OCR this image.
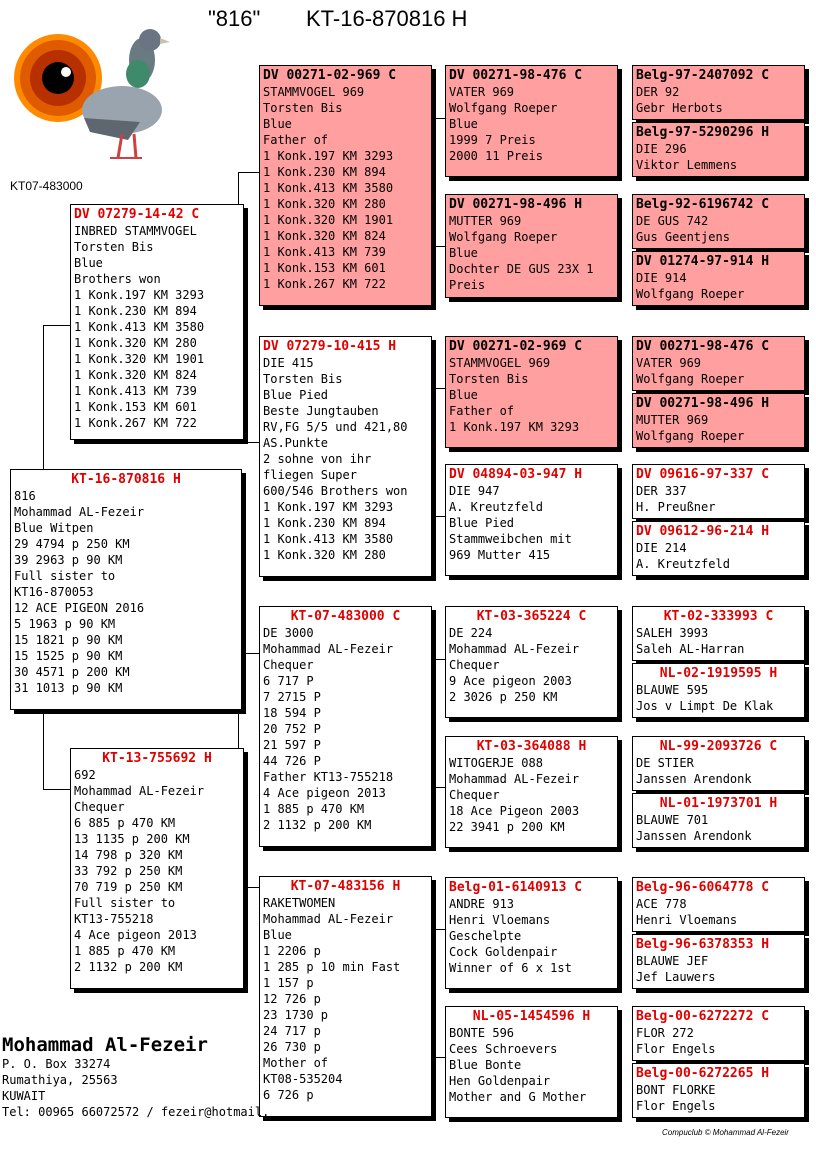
"816" KT-16-870816 H
KT07-483000
KT-16-870816 H
816
Mohammad AL-Fezeir
Blue Witpen
29 4794 p 250 KM
39 2963 p 90 KM
Full sister to
KT16-870053
12 ACE PIGEON 2016
5 1963 p 90 KM
15 1821 p 90 KM
15 1525 p 90 KM
30 4571 p 200 KM
31 1013 p 90 KM
DV 07279-14-42 C
INBRED STAMMVOGEL
Torsten Bis
Blue
Brothers won
1 Konk.197 KM 3293
1 Konk.230 KM 894
1 Konk.413 KM 3580
1 Konk.320 KM 280
1 Konk.320 KM 1901
1 Konk.320 KM 824
1 Konk.413 KM 739
1 Konk.153 KM 601
1 Konk.267 KM 722
KT-13-755692 H
692
Mohammad AL-Fezeir
Chequer
6 885 p 470 KM
13 1135 p 200 KM
14 798 p 320 KM
33 792 p 250 KM
70 719 p 250 KM
Full sister to
KT13-755218
4 Ace pigeon 2013
1 885 p 470 KM
2 1132 p 200 KM
DV 00271-02-969 C
STAMMVOGEL 969
Torsten Bis
Blue
Father of
1 Konk.197 KM 3293
1 Konk.230 KM 894
1 Konk.413 KM 3580
1 Konk.320 KM 280
1 Konk.320 KM 1901
1 Konk.320 KM 824
1 Konk.413 KM 739
1 Konk.153 KM 601
1 Konk.267 KM 722
DV 07279-10-415 H
DIE 415
Torsten Bis
Blue Pied
Beste Jungtauben
RV,FG 5/5 und 421,80
AS.Punkte
2 sohne von ihr
fliegen Super
600/546 Brothers won
1 Konk.197 KM 3293
1 Konk.230 KM 894
1 Konk.413 KM 3580
1 Konk.320 KM 280
KT-07-483000 C
DE 3000
Mohammad AL-Fezeir
Chequer
6 717 P
7 2715 P
18 594 P
20 752 P
21 597 P
44 726 P
Father KT13-755218
4 Ace pigeon 2013
1 885 p 470 KM
2 1132 p 200 KM
KT-07-483156 H
RAKETWOMEN
Mohammad AL-Fezeir
Blue
1 2206 p
1 285 p 10 min Fast
1 157 p
12 726 p
23 1730 p
24 717 p
26 730 p
Mother of
KT08-535204
6 726 p
DV 00271-98-476 C
VATER 969
Wolfgang Roeper
Blue
1999 7 Preis
2000 11 Preis
DV 00271-98-496 H
MUTTER 969
Wolfgang Roeper
Blue
Dochter DE GUS 23X 1
Preis
DV 00271-02-969 C
STAMMVOGEL 969
Torsten Bis
Blue
Father of
1 Konk.197 KM 3293
DV 04894-03-947 H
DIE 947
A. Kreutzfeld
Blue Pied
Stammweibchen mit
969 Mutter 415
KT-03-365224 C
DE 224
Mohammad AL-Fezeir
Chequer
9 Ace pigeon 2003
2 3026 p 250 KM
KT-03-364088 H
WITOGERJE 088
Mohammad AL-Fezeir
Chequer
18 Ace Pigeon 2003
22 3941 p 200 KM
Belg-01-6140913 C
ANDRE 913
Henri Vloemans
Geschelpte
Cock Goldenpair
Winner of 6 x 1st
NL-05-1454596 H
BONTE 596
Cees Schroevers
Blue Bonte
Hen Goldenpair
Mother and G Mother
Belg-97-2407092 C
DER 92
Gebr Herbots
Belg-97-5290296 H
DIE 296
Viktor Lemmens
Belg-92-6196742 C
DE GUS 742
Gus Geentjens
DV 01274-97-914 H
DIE 914
Wolfgang Roeper
DV 00271-98-476 C
VATER 969
Wolfgang Roeper
DV 00271-98-496 H
MUTTER 969
Wolfgang Roeper
DV 09616-97-337 C
DER 337
H. Preußner
DV 09612-96-214 H
DIE 214
A. Kreutzfeld
KT-02-333993 C
SALEH 3993
Saleh AL-Harran
NL-02-1919595 H
BLAUWE 595
Jos v Limpt De Klak
NL-99-2093726 C
DE STIER
Janssen Arendonk
NL-01-1973701 H
BLAUWE 701
Janssen Arendonk
Belg-96-6064778 C
ACE 778
Henri Vloemans
Belg-96-6378353 H
BLAUWE JEF
Jef Lauwers
Belg-00-6272272 C
FLOR 272
Flor Engels
Belg-00-6272265 H
BONT FLORKE
Flor Engels
Mohammad Al-Fezeir
P. O. Box 33274
Rumathiya, 25563
KUWAIT
Tel: 00965 66072572 / fezeir@hotmail.
Compuclub © Mohammad Al-Fezeir
